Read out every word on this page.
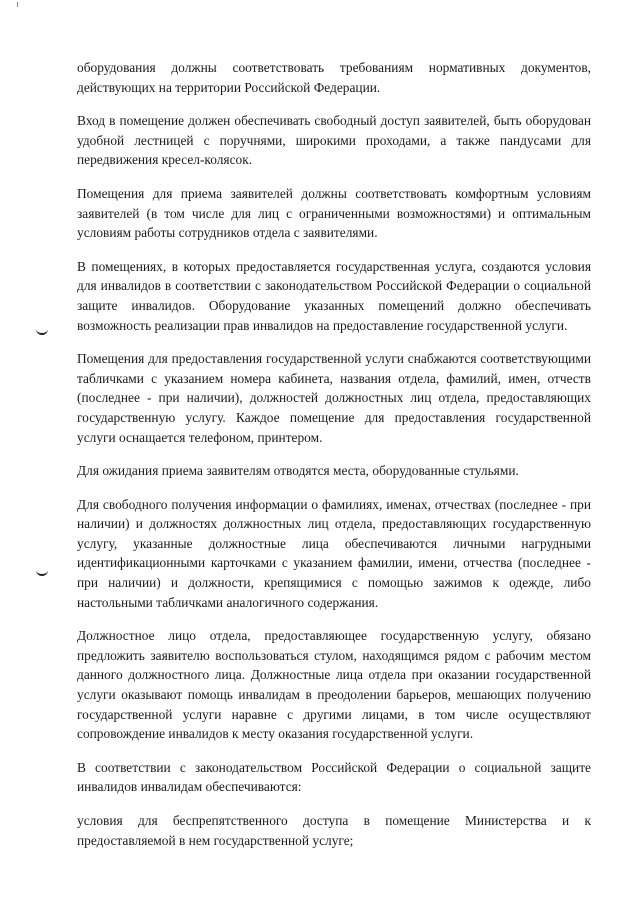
оборудования должны соответствовать требованиям нормативных документов, действующих на территории Российской Федерации.

Вход в помещение должен обеспечивать свободный доступ заявителей, быть оборудован удобной лестницей с поручнями, широкими проходами, а также пандусами для передвижения кресел-колясок.

Помещения для приема заявителей должны соответствовать комфортным условиям заявителей (в том числе для лиц с ограниченными возможностями) и оптимальным условиям работы сотрудников отдела с заявителями.

В помещениях, в которых предоставляется государственная услуга, создаются условия для инвалидов в соответствии с законодательством Российской Федерации о социальной защите инвалидов. Оборудование указанных помещений должно обеспечивать возможность реализации прав инвалидов на предоставление государственной услуги.

Помещения для предоставления государственной услуги снабжаются соответствующими табличками с указанием номера кабинета, названия отдела, фамилий, имен, отчеств (последнее - при наличии), должностей должностных лиц отдела, предоставляющих государственную услугу. Каждое помещение для предоставления государственной услуги оснащается телефоном, принтером.

Для ожидания приема заявителям отводятся места, оборудованные стульями.

Для свободного получения информации о фамилиях, именах, отчествах (последнее - при наличии) и должностях должностных лиц отдела, предоставляющих государственную услугу, указанные должностные лица обеспечиваются личными нагрудными идентификационными карточками с указанием фамилии, имени, отчества (последнее - при наличии) и должности, крепящимися с помощью зажимов к одежде, либо настольными табличками аналогичного содержания.

Должностное лицо отдела, предоставляющее государственную услугу, обязано предложить заявителю воспользоваться стулом, находящимся рядом с рабочим местом данного должностного лица. Должностные лица отдела при оказании государственной услуги оказывают помощь инвалидам в преодолении барьеров, мешающих получению государственной услуги наравне с другими лицами, в том числе осуществляют сопровождение инвалидов к месту оказания государственной услуги.

В соответствии с законодательством Российской Федерации о социальной защите инвалидов инвалидам обеспечиваются:

условия для беспрепятственного доступа в помещение Министерства и к предоставляемой в нем государственной услуге;
